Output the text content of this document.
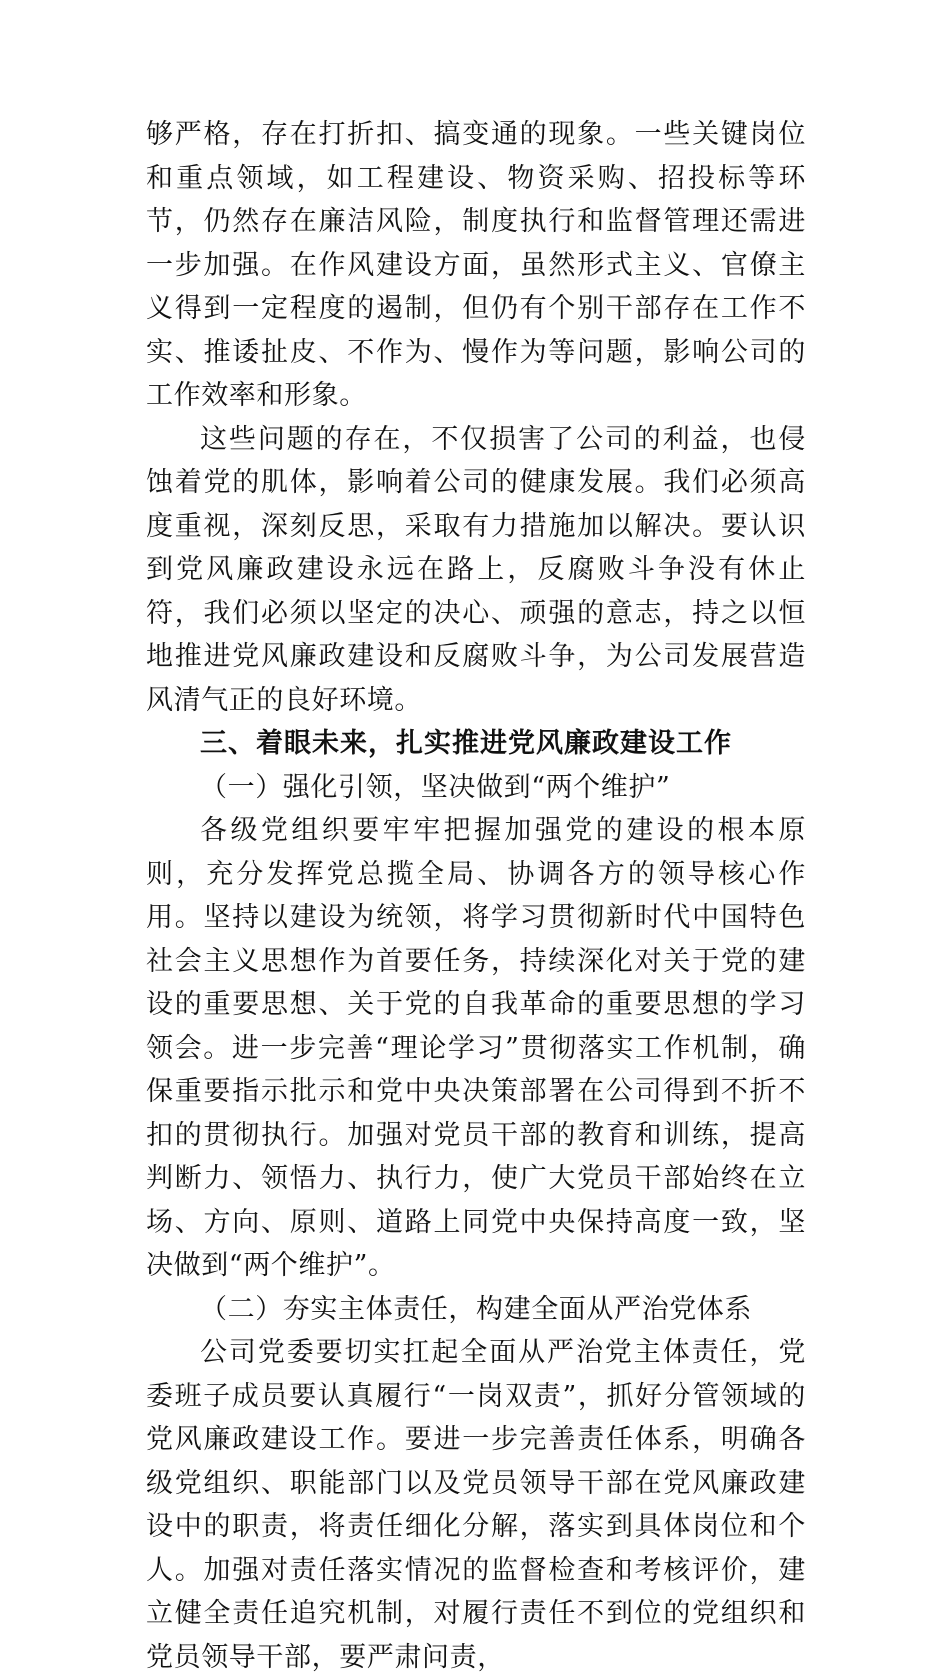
够严格，存在打折扣、搞变通的现象。一些关键岗位和重点领域，如工程建设、物资采购、招投标等环节，仍然存在廉洁风险，制度执行和监督管理还需进一步加强。在作风建设方面，虽然形式主义、官僚主义得到一定程度的遏制，但仍有个别干部存在工作不实、推诿扯皮、不作为、慢作为等问题，影响公司的工作效率和形象。

这些问题的存在，不仅损害了公司的利益，也侵蚀着党的肌体，影响着公司的健康发展。我们必须高度重视，深刻反思，采取有力措施加以解决。要认识到党风廉政建设永远在路上，反腐败斗争没有休止符，我们必须以坚定的决心、顽强的意志，持之以恒地推进党风廉政建设和反腐败斗争，为公司发展营造风清气正的良好环境。

三、着眼未来，扎实推进党风廉政建设工作
（一）强化引领，坚决做到“两个维护”

各级党组织要牢牢把握加强党的建设的根本原则，充分发挥党总揽全局、协调各方的领导核心作用。坚持以建设为统领，将学习贯彻新时代中国特色社会主义思想作为首要任务，持续深化对关于党的建设的重要思想、关于党的自我革命的重要思想的学习领会。进一步完善“理论学习”贯彻落实工作机制，确保重要指示批示和党中央决策部署在公司得到不折不扣的贯彻执行。加强对党员干部的教育和训练，提高判断力、领悟力、执行力，使广大党员干部始终在立场、方向、原则、道路上同党中央保持高度一致，坚决做到“两个维护”。

（二）夯实主体责任，构建全面从严治党体系

公司党委要切实扛起全面从严治党主体责任，党委班子成员要认真履行“一岗双责”，抓好分管领域的党风廉政建设工作。要进一步完善责任体系，明确各级党组织、职能部门以及党员领导干部在党风廉政建设中的职责，将责任细化分解，落实到具体岗位和个人。加强对责任落实情况的监督检查和考核评价，建立健全责任追究机制，对履行责任不到位的党组织和党员领导干部，要严肃问责，
